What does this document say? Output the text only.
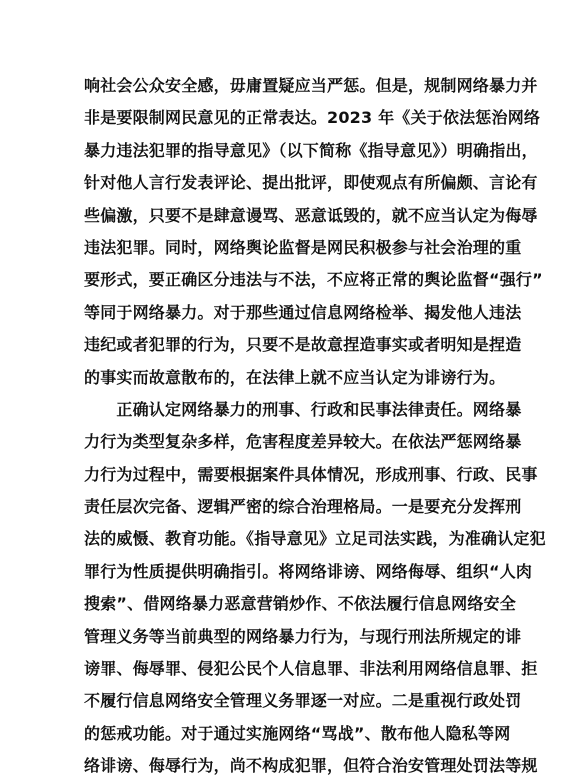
响社会公众安全感，毋庸置疑应当严惩。但是，规制网络暴力并
非是要限制网民意见的正常表达。2023 年《关于依法惩治网络
暴力违法犯罪的指导意见》（以下简称《指导意见》）明确指出，
针对他人言行发表评论、提出批评，即使观点有所偏颇、言论有
些偏激，只要不是肆意谩骂、恶意诋毁的，就不应当认定为侮辱
违法犯罪。同时，网络舆论监督是网民积极参与社会治理的重
要形式，要正确区分违法与不法，不应将正常的舆论监督“强行”
等同于网络暴力。对于那些通过信息网络检举、揭发他人违法
违纪或者犯罪的行为，只要不是故意捏造事实或者明知是捏造
的事实而故意散布的，在法律上就不应当认定为诽谤行为。
　　正确认定网络暴力的刑事、行政和民事法律责任。网络暴
力行为类型复杂多样，危害程度差异较大。在依法严惩网络暴
力行为过程中，需要根据案件具体情况，形成刑事、行政、民事
责任层次完备、逻辑严密的综合治理格局。一是要充分发挥刑
法的威慑、教育功能。《指导意见》立足司法实践，为准确认定犯
罪行为性质提供明确指引。将网络诽谤、网络侮辱、组织“人肉
搜索”、借网络暴力恶意营销炒作、不依法履行信息网络安全
管理义务等当前典型的网络暴力行为，与现行刑法所规定的诽
谤罪、侮辱罪、侵犯公民个人信息罪、非法利用网络信息罪、拒
不履行信息网络安全管理义务罪逐一对应。二是重视行政处罚
的惩戒功能。对于通过实施网络“骂战”、散布他人隐私等网
络诽谤、侮辱行为，尚不构成犯罪，但符合治安管理处罚法等规
